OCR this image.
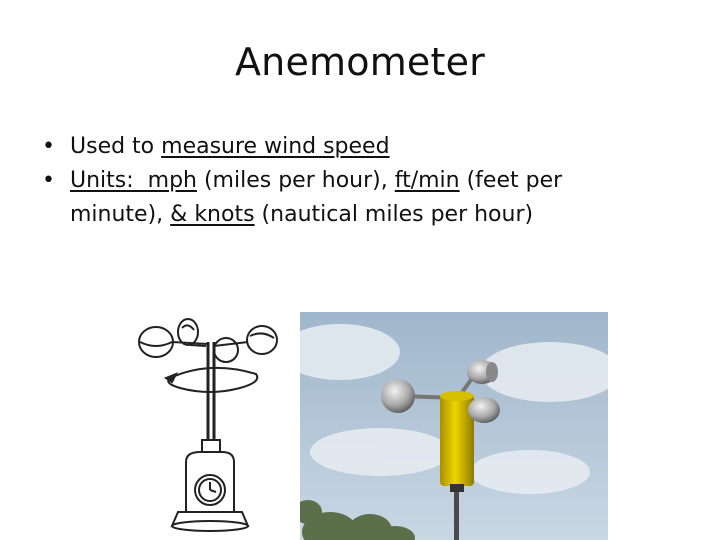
Anemometer
• Used to measure wind speed
• Units:  mph (miles per hour), ft/min (feet per minute), & knots (nautical miles per hour)
